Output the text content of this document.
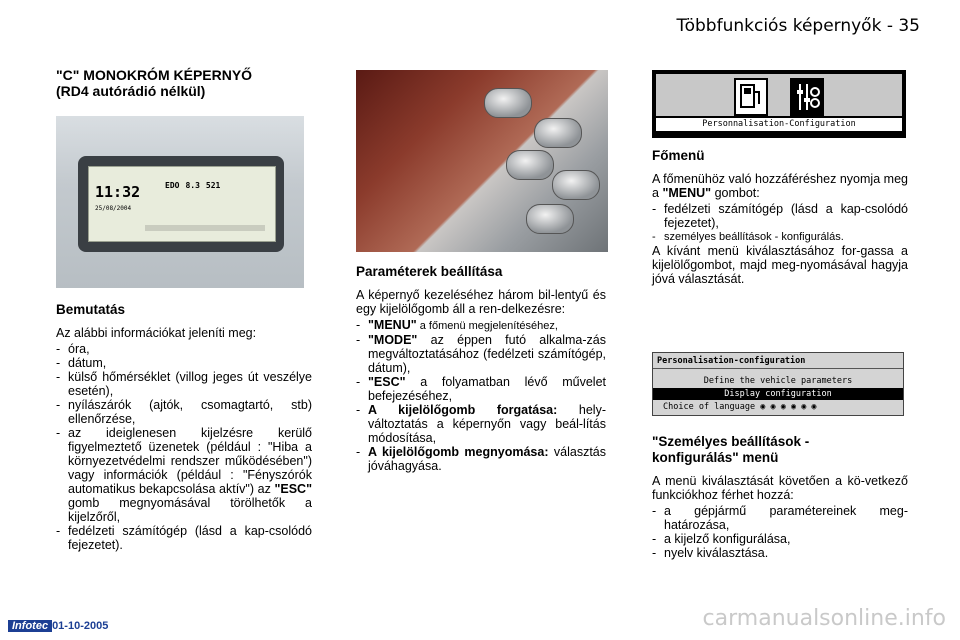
Többfunkciós képernyők - 35
"C" MONOKRÓM KÉPERNYŐ
(RD4 autórádió nélkül)
11:32
25/08/2004
EDO 8.3 521
Bemutatás

Az alábbi információkat jeleníti meg:

- óra,
- dátum,
- külső hőmérséklet (villog jeges út veszélye esetén),
- nyílászárók (ajtók, csomagtartó, stb) ellenőrzése,
- az ideiglenesen kijelzésre kerülő figyelmeztető üzenetek (például : "Hiba a környezetvédelmi rendszer működésében") vagy információk (például : "Fényszórók automatikus bekapcsolása aktív") az "ESC" gomb megnyomásával törölhetők a kijelzőről,
- fedélzeti számítógép (lásd a kap-csolódó fejezetet).
Paraméterek beállítása

A képernyő kezeléséhez három bil-lentyű és egy kijelölőgomb áll a ren-delkezésre:

- "MENU" a főmenü megjelenítéséhez,
- "MODE" az éppen futó alkalma-zás megváltoztatásához (fedélzeti számítógép, dátum),
- "ESC" a folyamatban lévő művelet befejezéséhez,
- A kijelölőgomb forgatása: hely-változtatás a képernyőn vagy beál-lítás módosítása,
- A kijelölőgomb megnyomása: választás jóváhagyása.
Personnalisation-Configuration
Főmenü

A főmenühöz való hozzáféréshez nyomja meg a "MENU" gombot:

- fedélzeti számítógép (lásd a kap-csolódó fejezetet),
- személyes beállítások - konfigurálás.

A kívánt menü kiválasztásához for-gassa a kijelölőgombot, majd meg-nyomásával hagyja jóvá választását.

Personalisation-configuration
Define the vehicle parameters
Display configuration
Choice of language ◉ ◉ ◉ ◉ ◉ ◉
"Személyes beállítások -
konfigurálás" menü

A menü kiválasztását követően a kö-vetkező funkciókhoz férhet hozzá:

- a gépjármű paramétereinek meg-határozása,
- a kijelző konfigurálása,
- nyelv kiválasztása.
Infotec 01-10-2005	carmanualsonline.info
